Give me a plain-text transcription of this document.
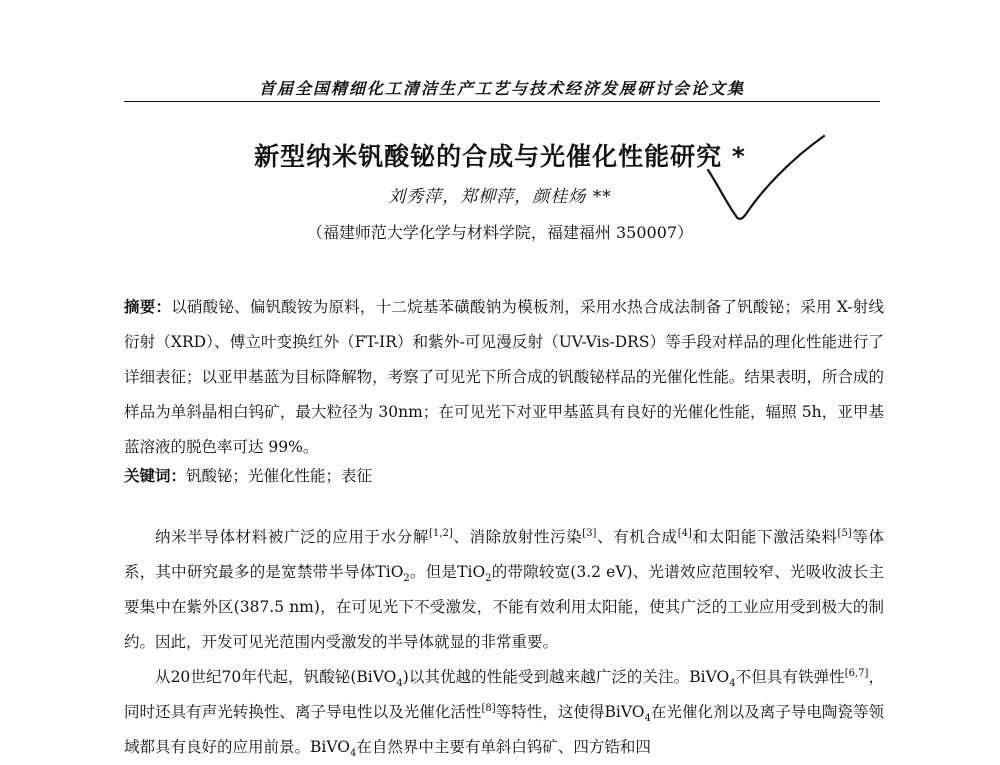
首届全国精细化工清洁生产工艺与技术经济发展研讨会论文集
新型纳米钒酸铋的合成与光催化性能研究 *
刘秀萍，郑柳萍，颜桂炀 **
（福建师范大学化学与材料学院，福建福州 350007）
摘要：以硝酸铋、偏钒酸铵为原料，十二烷基苯磺酸钠为模板剂，采用水热合成法制备了钒酸铋；采用 X-射线衍射（XRD）、傅立叶变换红外（FT-IR）和紫外-可见漫反射（UV-Vis-DRS）等手段对样品的理化性能进行了详细表征；以亚甲基蓝为目标降解物，考察了可见光下所合成的钒酸铋样品的光催化性能。结果表明，所合成的样品为单斜晶相白钨矿，最大粒径为 30nm；在可见光下对亚甲基蓝具有良好的光催化性能，辐照 5h，亚甲基蓝溶液的脱色率可达 99%。
关键词：钒酸铋；光催化性能；表征

纳米半导体材料被广泛的应用于水分解[1,2]、消除放射性污染[3]、有机合成[4]和太阳能下激活染料[5]等体系，其中研究最多的是宽禁带半导体TiO$_2$。但是TiO$_2$的带隙较宽(3.2 eV)、光谱效应范围较窄、光吸收波长主要集中在紫外区(387.5 nm)，在可见光下不受激发，不能有效利用太阳能，使其广泛的工业应用受到极大的制约。因此，开发可见光范围内受激发的半导体就显的非常重要。

从20世纪70年代起，钒酸铋(BiVO$_4$)以其优越的性能受到越来越广泛的关注。BiVO$_4$不但具有铁弹性[6,7]，同时还具有声光转换性、离子导电性以及光催化活性[8]等特性，这使得BiVO$_4$在光催化剂以及离子导电陶瓷等领域都具有良好的应用前景。BiVO$_4$在自然界中主要有单斜白钨矿、四方锆和四
